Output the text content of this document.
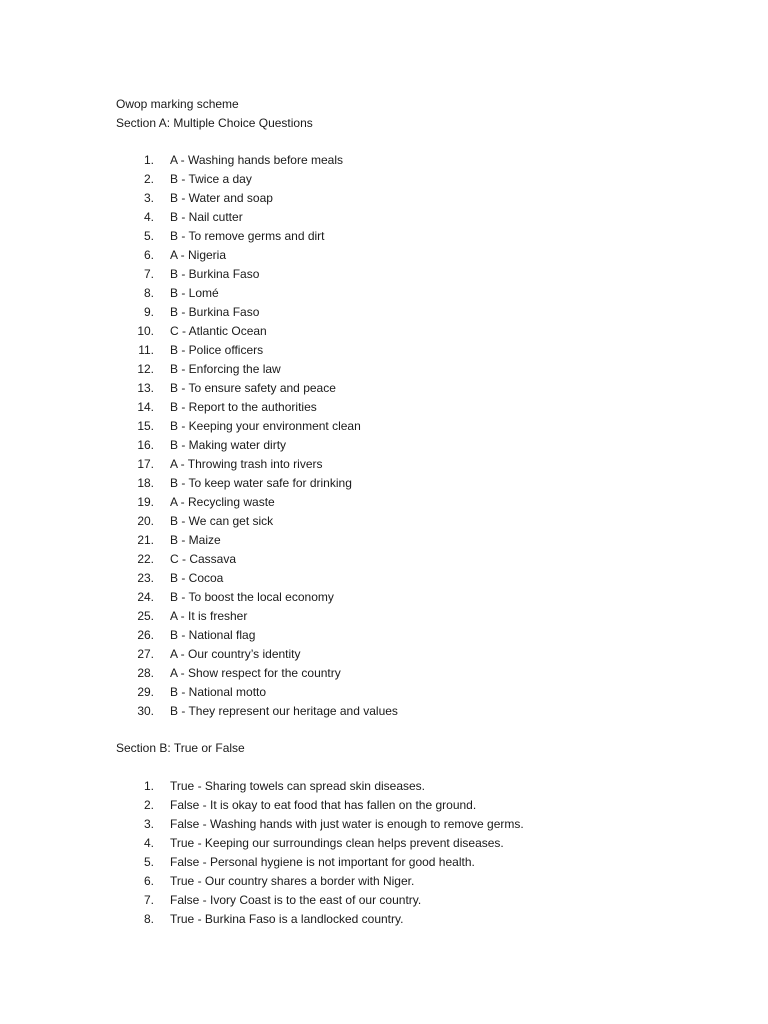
Owop marking scheme
Section A: Multiple Choice Questions
1. A - Washing hands before meals
2. B - Twice a day
3. B - Water and soap
4. B - Nail cutter
5. B - To remove germs and dirt
6. A - Nigeria
7. B - Burkina Faso
8. B - Lomé
9. B - Burkina Faso
10. C - Atlantic Ocean
11. B - Police officers
12. B - Enforcing the law
13. B - To ensure safety and peace
14. B - Report to the authorities
15. B - Keeping your environment clean
16. B - Making water dirty
17. A - Throwing trash into rivers
18. B - To keep water safe for drinking
19. A - Recycling waste
20. B - We can get sick
21. B - Maize
22. C - Cassava
23. B - Cocoa
24. B - To boost the local economy
25. A - It is fresher
26. B - National flag
27. A - Our country’s identity
28. A - Show respect for the country
29. B - National motto
30. B - They represent our heritage and values
Section B: True or False
1. True - Sharing towels can spread skin diseases.
2. False - It is okay to eat food that has fallen on the ground.
3. False - Washing hands with just water is enough to remove germs.
4. True - Keeping our surroundings clean helps prevent diseases.
5. False - Personal hygiene is not important for good health.
6. True - Our country shares a border with Niger.
7. False - Ivory Coast is to the east of our country.
8. True - Burkina Faso is a landlocked country.
